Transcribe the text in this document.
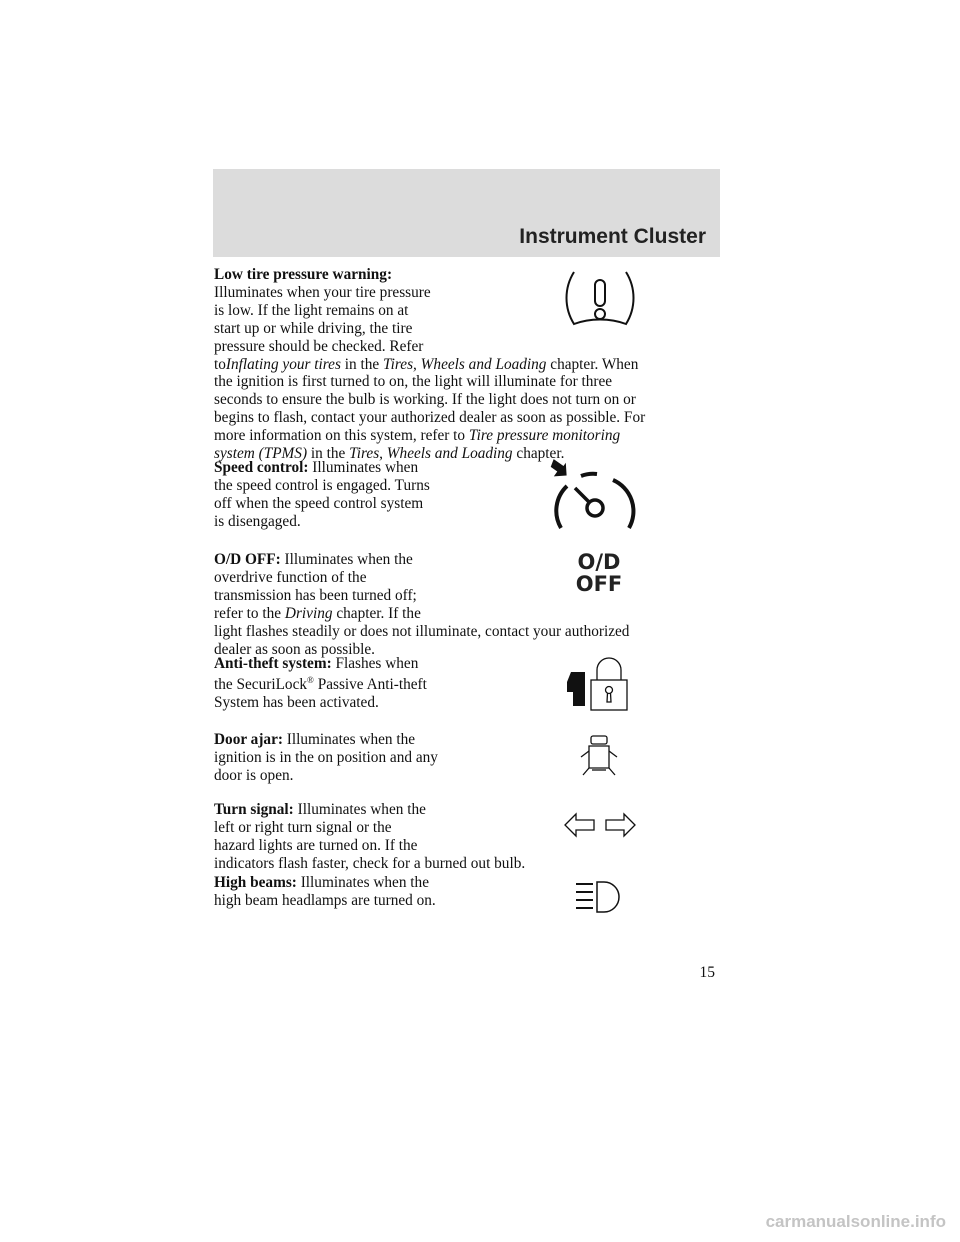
Instrument Cluster

Low tire pressure warning:
Illuminates when your tire pressure
is low. If the light remains on at
start up or while driving, the tire
pressure should be checked. Refer

toInflating your tires in the Tires, Wheels and Loading chapter. When
the ignition is first turned to on, the light will illuminate for three
seconds to ensure the bulb is working. If the light does not turn on or
begins to flash, contact your authorized dealer as soon as possible. For
more information on this system, refer to Tire pressure monitoring
system (TPMS) in the Tires, Wheels and Loading chapter.

Speed control: Illuminates when
the speed control is engaged. Turns
off when the speed control system
is disengaged.

O/D OFF: Illuminates when the
overdrive function of the
transmission has been turned off;
refer to the Driving chapter. If the

light flashes steadily or does not illuminate, contact your authorized
dealer as soon as possible.

O/D
OFF

Anti-theft system: Flashes when
the SecuriLock® Passive Anti-theft
System has been activated.

Door ajar: Illuminates when the
ignition is in the on position and any
door is open.

Turn signal: Illuminates when the
left or right turn signal or the
hazard lights are turned on. If the

indicators flash faster, check for a burned out bulb.

High beams: Illuminates when the
high beam headlamps are turned on.

15
carmanualsonline.info
